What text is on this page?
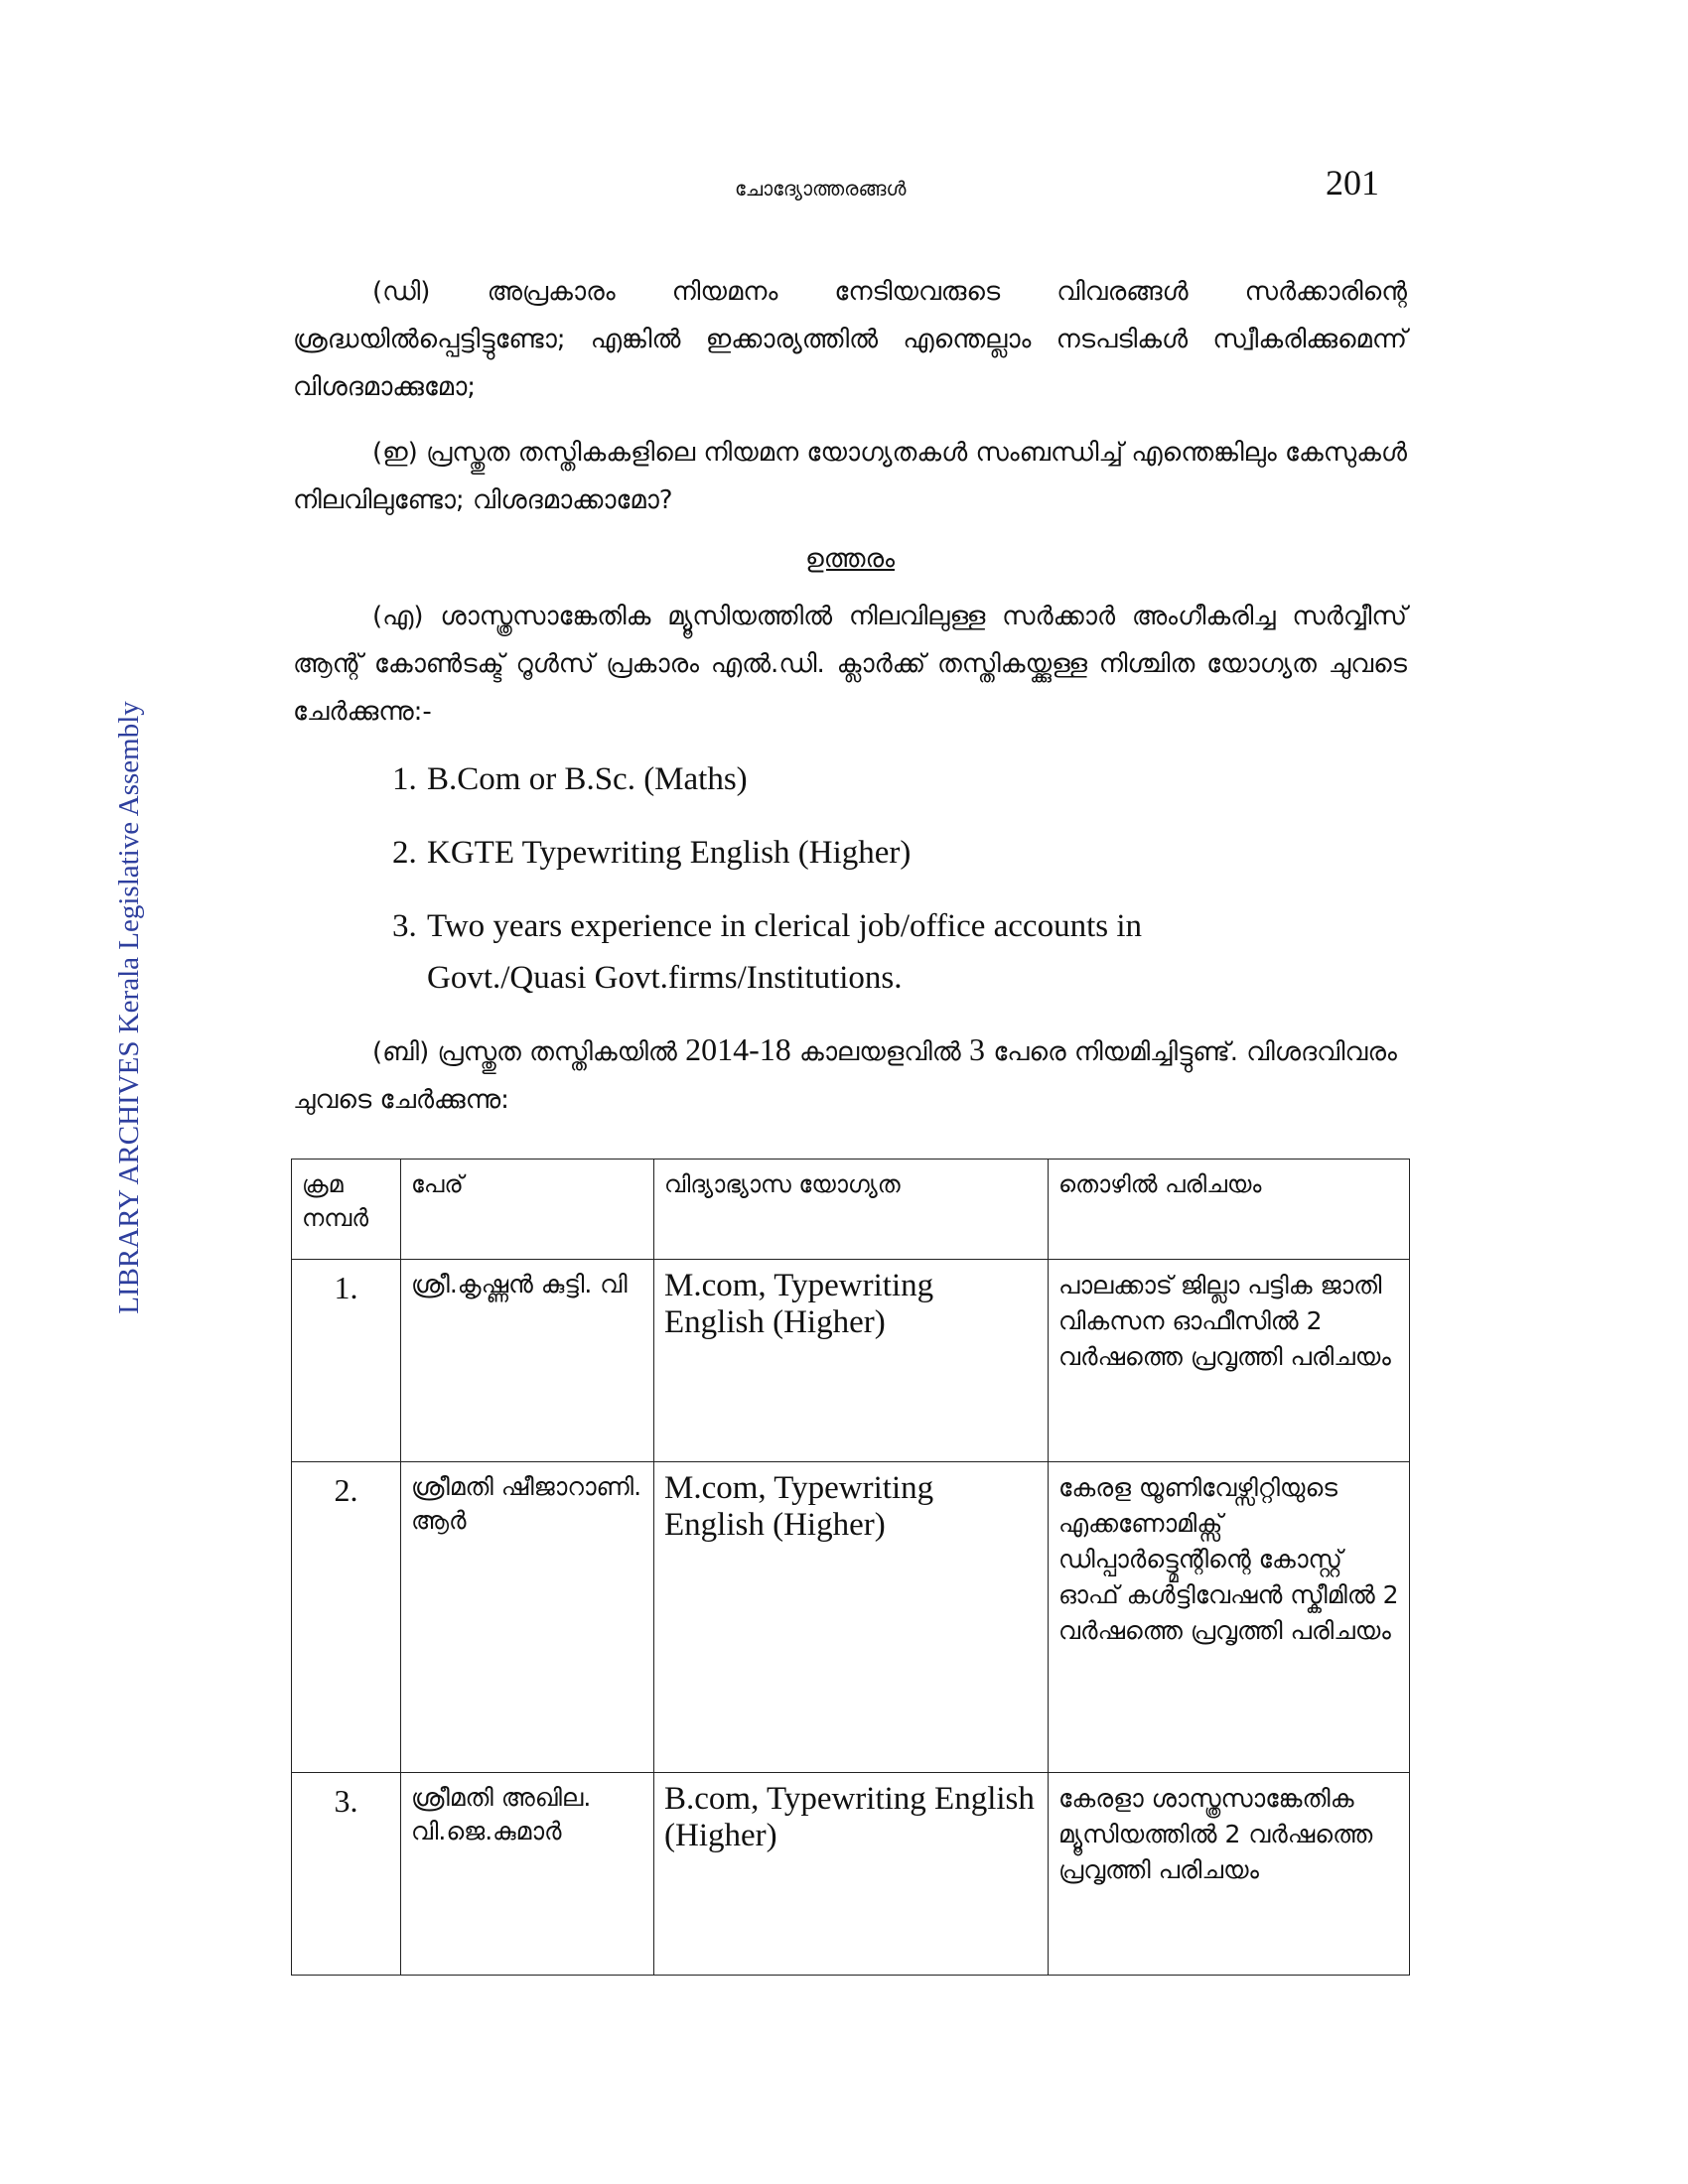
ചോദ്യോത്തരങ്ങൾ	201
LIBRARY ARCHIVES Kerala Legislative Assembly

(ഡി) അപ്രകാരം നിയമനം നേടിയവരുടെ വിവരങ്ങൾ സർക്കാരിന്റെ ശ്രദ്ധയിൽപ്പെട്ടിട്ടുണ്ടോ; എങ്കിൽ ഇക്കാര്യത്തിൽ എന്തെല്ലാം നടപടികൾ സ്വീകരിക്കുമെന്ന് വിശദമാക്കുമോ;

(ഇ) പ്രസ്തുത തസ്തികകളിലെ നിയമന യോഗ്യതകൾ സംബന്ധിച്ച് എന്തെങ്കിലും കേസുകൾ നിലവിലുണ്ടോ; വിശദമാക്കാമോ?

ഉത്തരം

(എ) ശാസ്ത്രസാങ്കേതിക മ്യൂസിയത്തിൽ നിലവിലുള്ള സർക്കാർ അംഗീകരിച്ച സർവ്വീസ് ആന്റ് കോൺടക്ട് റൂൾസ് പ്രകാരം എൽ.ഡി. ക്ലാർക്ക് തസ്തികയ്ക്കുള്ള നിശ്ചിത യോഗ്യത ചുവടെ ചേർക്കുന്നു:-

1. B.Com or B.Sc. (Maths)
2. KGTE Typewriting English (Higher)
3. Two years experience in clerical job/office accounts in Govt./Quasi Govt.firms/Institutions.

(ബി) പ്രസ്തുത തസ്തികയിൽ 2014-18 കാലയളവിൽ 3 പേരെ നിയമിച്ചിട്ടുണ്ട്. വിശദവിവരം ചുവടെ ചേർക്കുന്നു:

ക്രമ നമ്പർ	പേര്	വിദ്യാഭ്യാസ യോഗ്യത	തൊഴിൽ പരിചയം
1.	ശ്രീ.കൃഷ്ണൻ കുട്ടി. വി	M.com, Typewriting English (Higher)	പാലക്കാട് ജില്ലാ പട്ടിക ജാതി വികസന ഓഫീസിൽ 2 വർഷത്തെ പ്രവൃത്തി പരിചയം
2.	ശ്രീമതി ഷീജാറാണി. ആർ	M.com, Typewriting English (Higher)	കേരള യൂണിവേഴ്സിറ്റിയുടെ എക്കണോമിക്സ് ഡിപ്പാർട്ട്മെന്റിന്റെ കോസ്റ്റ് ഓഫ് കൾട്ടിവേഷൻ സ്കീമിൽ 2 വർഷത്തെ പ്രവൃത്തി പരിചയം
3.	ശ്രീമതി അഖില. വി.ജെ.കുമാർ	B.com, Typewriting English (Higher)	കേരളാ ശാസ്ത്രസാങ്കേതിക മ്യൂസിയത്തിൽ 2 വർഷത്തെ പ്രവൃത്തി പരിചയം
